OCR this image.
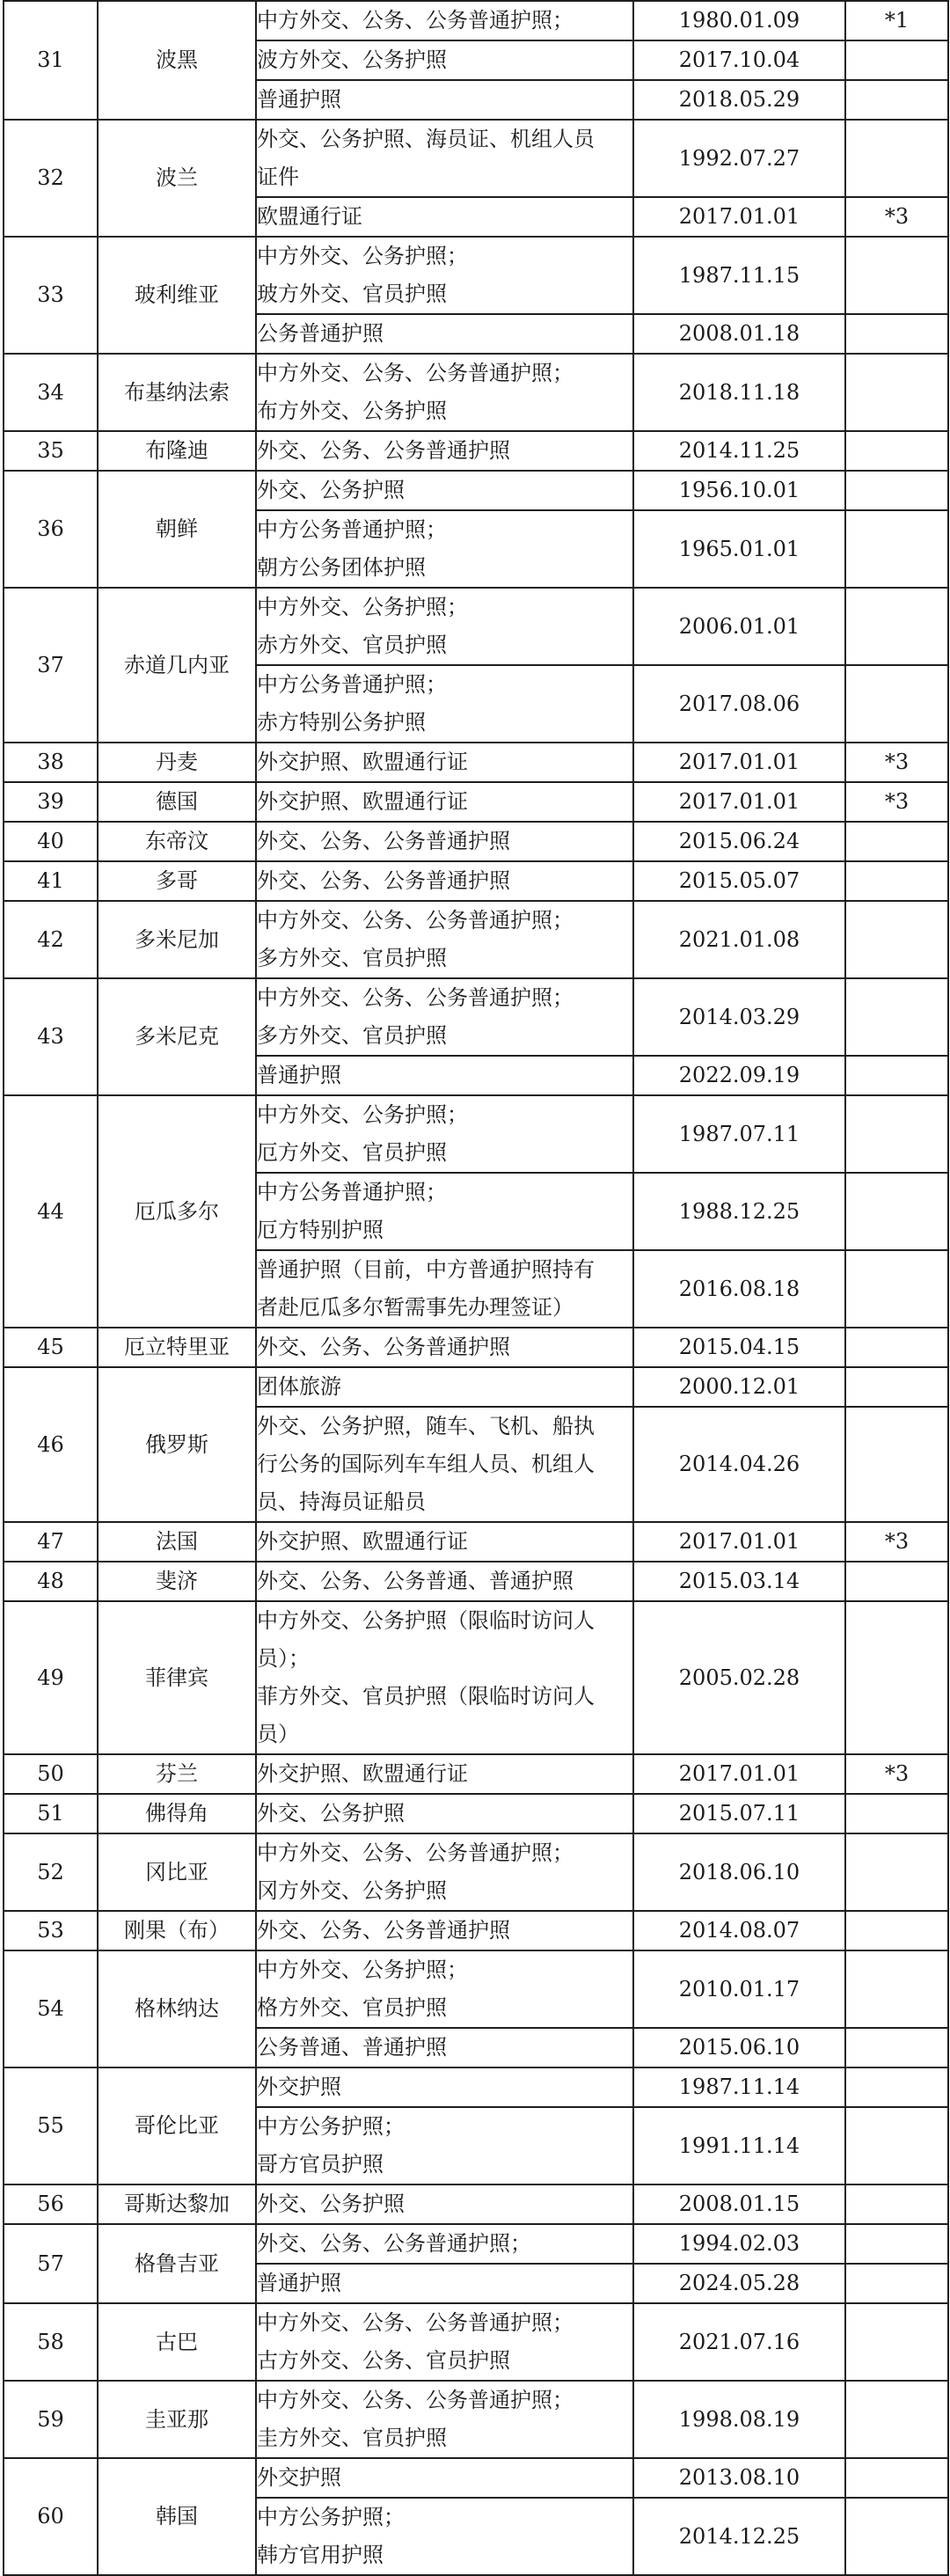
31	波黑	中方外交、公务、公务普通护照；	1980.01.09	*1

		波方外交、公务护照	2017.10.04	

		普通护照	2018.05.29	
32	波兰	外交、公务护照、海员证、机组人员
证件	1992.07.27	

		欧盟通行证	2017.01.01	*3
33	玻利维亚	中方外交、公务护照；
玻方外交、官员护照	1987.11.15	

		公务普通护照	2008.01.18	
34	布基纳法索	中方外交、公务、公务普通护照；
布方外交、公务护照	2018.11.18	
35	布隆迪	外交、公务、公务普通护照	2014.11.25	
36	朝鲜	外交、公务护照	1956.10.01	

		中方公务普通护照；
朝方公务团体护照	1965.01.01	
37	赤道几内亚	中方外交、公务护照；
赤方外交、官员护照	2006.01.01	

		中方公务普通护照；
赤方特别公务护照	2017.08.06	
38	丹麦	外交护照、欧盟通行证	2017.01.01	*3
39	德国	外交护照、欧盟通行证	2017.01.01	*3
40	东帝汶	外交、公务、公务普通护照	2015.06.24	
41	多哥	外交、公务、公务普通护照	2015.05.07	
42	多米尼加	中方外交、公务、公务普通护照；
多方外交、官员护照	2021.01.08	
43	多米尼克	中方外交、公务、公务普通护照；
多方外交、官员护照	2014.03.29	

		普通护照	2022.09.19	
44	厄瓜多尔	中方外交、公务护照；
厄方外交、官员护照	1987.07.11	

		中方公务普通护照；
厄方特别护照	1988.12.25	

		普通护照（目前，中方普通护照持有
者赴厄瓜多尔暂需事先办理签证）	2016.08.18	
45	厄立特里亚	外交、公务、公务普通护照	2015.04.15	
46	俄罗斯	团体旅游	2000.12.01	

		外交、公务护照，随车、飞机、船执
行公务的国际列车车组人员、机组人
员、持海员证船员	2014.04.26	
47	法国	外交护照、欧盟通行证	2017.01.01	*3
48	斐济	外交、公务、公务普通、普通护照	2015.03.14	
49	菲律宾	中方外交、公务护照（限临时访问人
员）；
菲方外交、官员护照（限临时访问人
员）	2005.02.28	
50	芬兰	外交护照、欧盟通行证	2017.01.01	*3
51	佛得角	外交、公务护照	2015.07.11	
52	冈比亚	中方外交、公务、公务普通护照；
冈方外交、公务护照	2018.06.10	
53	刚果（布）	外交、公务、公务普通护照	2014.08.07	
54	格林纳达	中方外交、公务护照；
格方外交、官员护照	2010.01.17	

		公务普通、普通护照	2015.06.10	
55	哥伦比亚	外交护照	1987.11.14	

		中方公务护照；
哥方官员护照	1991.11.14	
56	哥斯达黎加	外交、公务护照	2008.01.15	
57	格鲁吉亚	外交、公务、公务普通护照；	1994.02.03	

		普通护照	2024.05.28	
58	古巴	中方外交、公务、公务普通护照；
古方外交、公务、官员护照	2021.07.16	
59	圭亚那	中方外交、公务、公务普通护照；
圭方外交、官员护照	1998.08.19	
60	韩国	外交护照	2013.08.10	

		中方公务护照；
韩方官用护照	2014.12.25	
